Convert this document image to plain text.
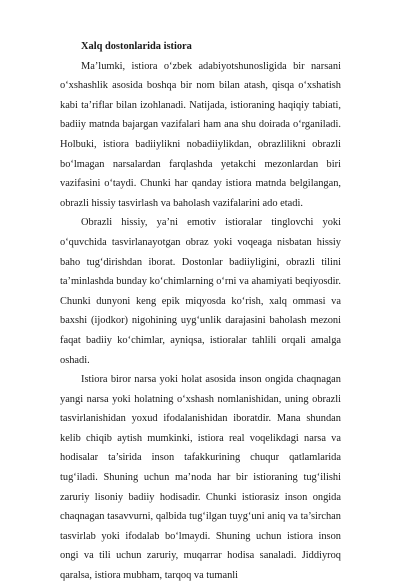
Xalq dostonlarida istiora

Ma’lumki, istiora o‘zbek adabiyotshunosligida bir narsani o‘xshashlik asosida boshqa bir nom bilan atash, qisqa o‘xshatish kabi ta’riflar bilan izohlanadi. Natijada, istioraning haqiqiy tabiati, badiiy matnda bajargan vazifalari ham ana shu doirada o‘rganiladi. Holbuki, istiora badiiylikni nobadiiylikdan, obrazlilikni obrazli bo‘lmagan narsalardan farqlashda yetakchi mezonlardan biri vazifasini o‘taydi. Chunki har qanday istiora matnda belgilangan, obrazli hissiy tasvirlash va baholash vazifalarini ado etadi.

Obrazli hissiy, ya’ni emotiv istioralar tinglovchi yoki o‘quvchida tasvirlanayotgan obraz yoki voqeaga nisbatan hissiy baho tug‘dirishdan iborat. Dostonlar badiiyligini, obrazli tilini ta’minlashda bunday ko‘chimlarning o‘rni va ahamiyati beqiyosdir. Chunki dunyoni keng epik miqyosda ko‘rish, xalq ommasi va baxshi (ijodkor) nigohining uyg‘unlik darajasini baholash mezoni faqat badiiy ko‘chimlar, ayniqsa, istioralar tahlili orqali amalga oshadi.

Istiora biror narsa yoki holat asosida inson ongida chaqnagan yangi narsa yoki holatning o‘xshash nomlanishidan, uning obrazli tasvirlanishidan yoxud ifodalanishidan iboratdir. Mana shundan kelib chiqib aytish mumkinki, istiora real voqelikdagi narsa va hodisalar ta’sirida inson tafakkurining chuqur qatlamlarida tug‘iladi. Shuning uchun ma’noda har bir istioraning tug‘ilishi zaruriy lisoniy badiiy hodisadir. Chunki istiorasiz inson ongida chaqnagan tasavvurni, qalbida tug‘ilgan tuyg‘uni aniq va ta’sirchan tasvirlab yoki ifodalab bo‘lmaydi. Shuning uchun istiora inson ongi va tili uchun zaruriy, muqarrar hodisa sanaladi. Jiddiyroq qaralsa, istiora mubham, tarqoq va tumanli
